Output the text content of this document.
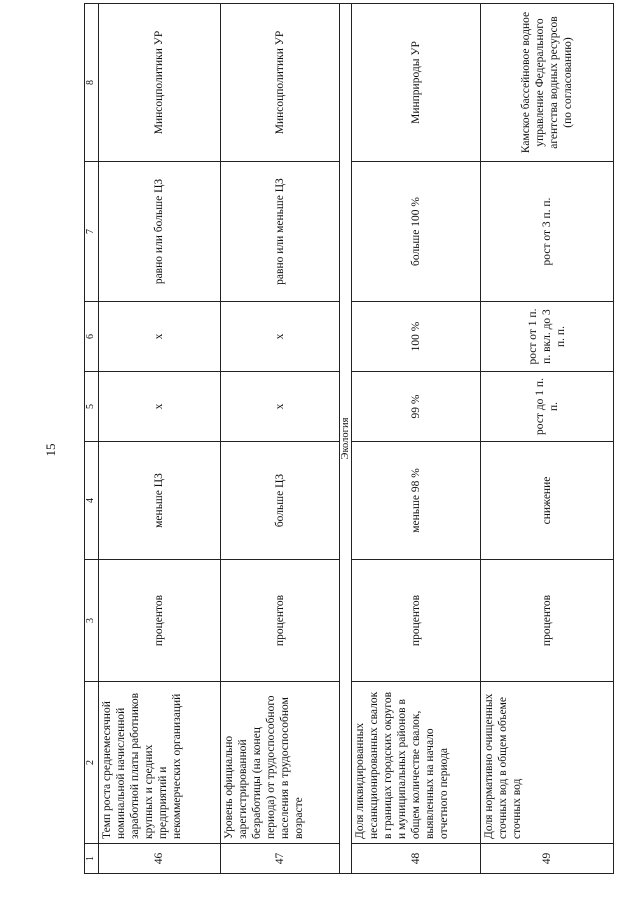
15
1	2	3	4	5	6	7	8
46	Темп роста среднемесячной номинальной начисленной заработной платы работников крупных и средних предприятий и некоммерческих организаций	процентов	меньше ЦЗ	х	х	равно или больше ЦЗ	Минсоцполитики УР
47	Уровень официально зарегистрированной безработицы (на конец периода) от трудоспособного населения в трудоспособном возрасте	процентов	больше ЦЗ	х	х	равно или меньше ЦЗ	Минсоцполитики УР
Экология							
48	Доля ликвидированных несанкционированных свалок в границах городских округов и муниципальных районов в общем количестве свалок, выявленных на начало отчетного периода	процентов	меньше 98 %	99 %	100 %	больше 100 %	Минприроды УР
49	Доля нормативно очищенных сточных вод в общем объеме сточных вод	процентов	снижение	рост до 1 п. п.	рост от 1 п. п. вкл. до 3 п. п.	рост от 3 п. п.	Камское бассейновое водное управление Федерального агентства водных ресурсов (по согласованию)
